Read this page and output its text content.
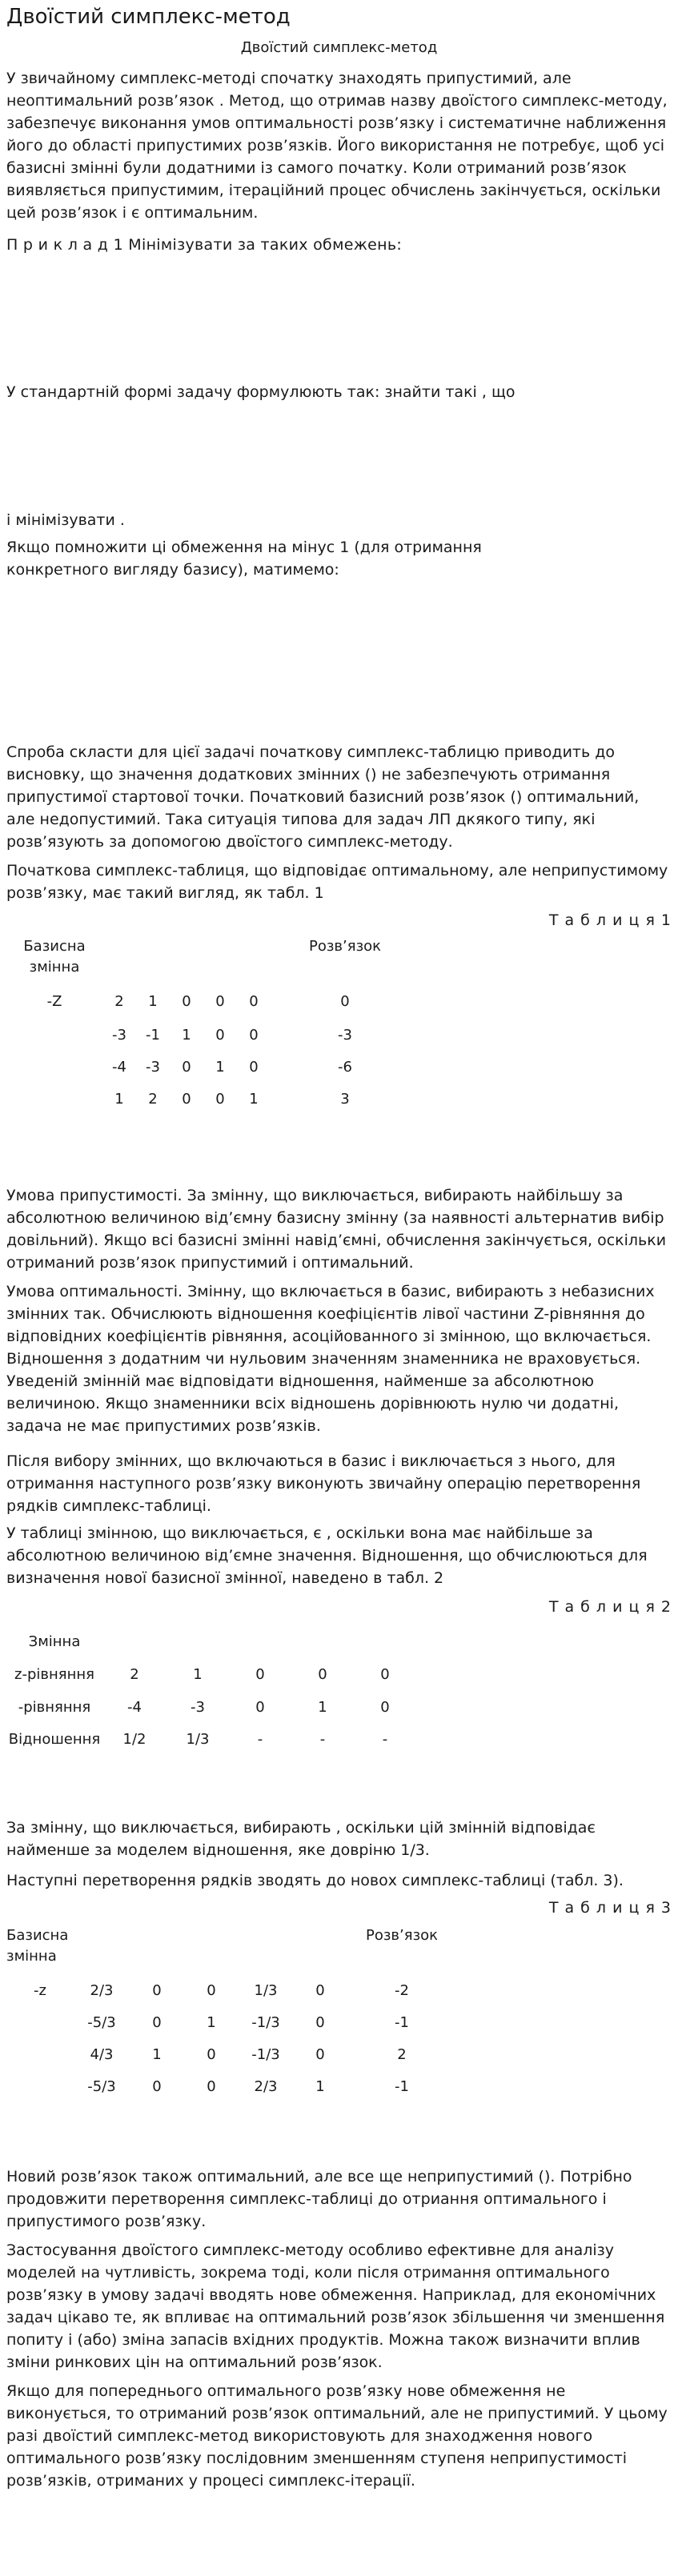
Двоїстий симплекс-метод
Двоїстий симплекс-метод
У звичайному симплекс-методі спочатку знаходять припустимий, але неоптимальний розв’язок . Метод, що отримав назву двоїстого симплекс-методу, забезпечує виконання умов оптимальності розв’язку і систематичне наближення його до області припустимих розв’язків. Його використання не потребує, щоб усі базисні змінні були додатними із самого початку. Коли отриманий розв’язок виявляється припустимим, ітераційний процес обчислень закінчується, оскільки цей розв’язок і є оптимальним.
П р и к л а д 1 Мінімізувати за таких обмежень:
У стандартній формі задачу формулюють так: знайти такі , що
і мінімізувати .
Якщо помножити ці обмеження на мінус 1 (для отримання конкретного вигляду базису), матимемо:
Спроба скласти для цієї задачі початкову симплекс-таблицю приводить до висновку, що значення додаткових змінних () не забезпечують отримання припустимої стартової точки. Початковий базисний розв’язок () оптимальний, але недопустимий. Така ситуація типова для задач ЛП дкякого типу, які розв’язують за допомогою двоїстого симплекс-методу.
Початкова симплекс-таблиця, що відповідає оптимальному, але неприпустимому розв’язку, має такий вигляд, як табл. 1
Т а б л и ц я 1
Базисна змінна						Розв’язок
-Z	2	1	0	0	0	0
	-3	-1	1	0	0	-3
	-4	-3	0	1	0	-6
	1	2	0	0	1	3
Умова припустимості. За змінну, що виключається, вибирають найбільшу за абсолютною величиною від’ємну базисну змінну (за наявності альтернатив вибір довільний). Якщо всі базисні змінні навід’ємні, обчислення закінчується, оскільки отриманий розв’язок припустимий і оптимальний.
Умова оптимальності. Змінну, що включається в базис, вибирають з небазисних змінних так. Обчислюють відношення коефіцієнтів лівої частини Z-рівняння до відповідних коефіцієнтів рівняння, асоційованного зі змінною, що включається. Відношення з додатним чи нульовим значенням знаменника не враховується. Уведеній змінній має відповідати відношення, найменше за абсолютною величиною. Якщо знаменники всіх відношень дорівнюють нулю чи додатні, задача не має припустимих розв’язків.
Після вибору змінних, що включаються в базис і виключається з нього, для отримання наступного розв’язку виконують звичайну операцію перетворення рядків симплекс-таблиці.
У таблиці змінною, що виключається, є , оскільки вона має найбільше за абсолютною величиною від’ємне значення. Відношення, що обчислюються для визначення нової базисної змінної, наведено в табл. 2
Т а б л и ц я 2
Змінна					
z-рівняння	2	1	0	0	0
-рівняння	-4	-3	0	1	0
Відношення	1/2	1/3	-	-	-
За змінну, що виключається, вибирають , оскільки цій змінній відповідає найменше за моделем відношення, яке довріню 1/3.
Наступні перетворення рядків зводять до новох симплекс-таблиці (табл. 3).
Т а б л и ц я 3
Базисна змінна						Розв’язок
-z	2/3	0	0	1/3	0	-2
	-5/3	0	1	-1/3	0	-1
	4/3	1	0	-1/3	0	2
	-5/3	0	0	2/3	1	-1
Новий розв’язок також оптимальний, але все ще неприпустимий (). Потрібно продовжити перетворення симплекс-таблиці до отриання оптимального і припустимого розв’язку.
Застосування двоїстого симплекс-методу особливо ефективне для аналізу моделей на чутливість, зокрема тоді, коли після отримання оптимального розв’язку в умову задачі вводять нове обмеження. Наприклад, для економічних задач цікаво те, як впливає на оптимальний розв’язок збільшення чи зменшення попиту і (або) зміна запасів вхідних продуктів. Можна також визначити вплив зміни ринкових цін на оптимальний розв’язок.
Якщо для попереднього оптимального розв’язку нове обмеження не виконується, то отриманий розв’язок оптимальний, але не припустимий. У цьому разі двоїстий симплекс-метод використовують для знаходження нового оптимального розв’язку послідовним зменшенням ступеня неприпустимості розв’язків, отриманих у процесі симплекс-ітерації.
